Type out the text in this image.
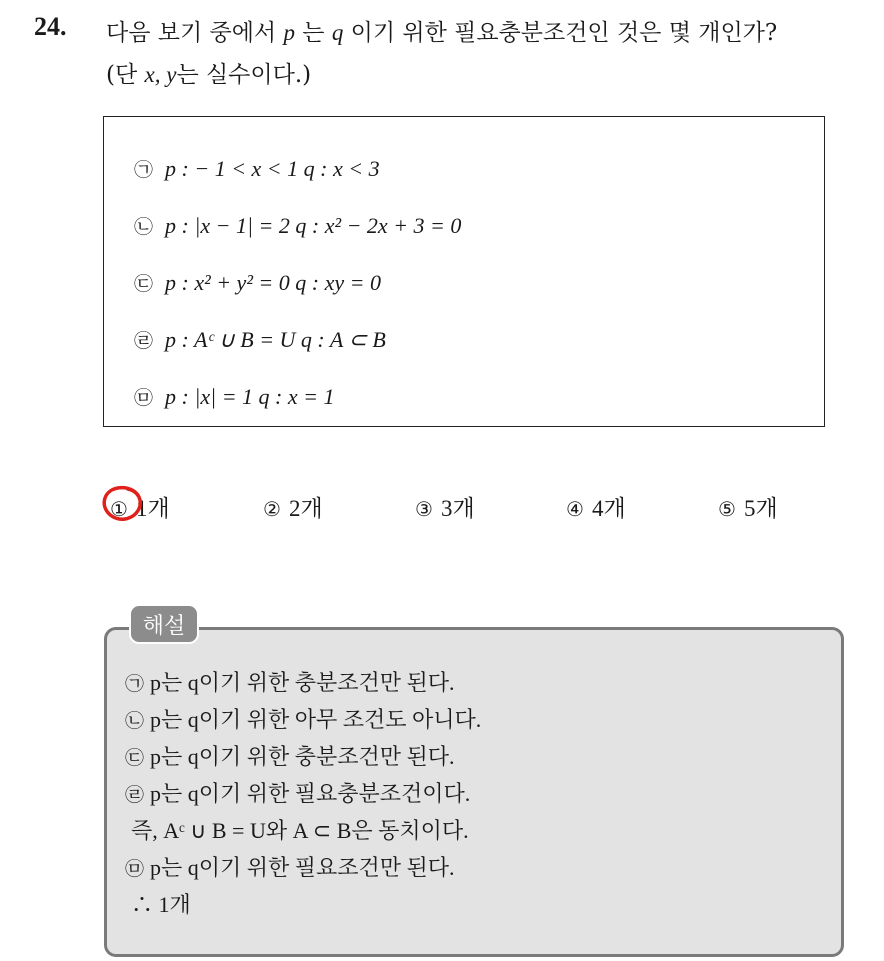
24. 다음 보기 중에서 p 는 q 이기 위한 필요충분조건인 것은 몇 개인가?
(단 x, y는 실수이다.)
㉠ p : − 1 < x < 1 q : x < 3
㉡ p : |x − 1| = 2 q : x² − 2x + 3 = 0
㉢ p : x² + y² = 0 q : xy = 0
㉣ p : Aᶜ ∪ B = U q : A ⊂ B
㉤ p : |x| = 1 q : x = 1
① 1개	② 2개	③ 3개	④ 4개	⑤ 5개
㉠ p는 q이기 위한 충분조건만 된다.
㉡ p는 q이기 위한 아무 조건도 아니다.
㉢ p는 q이기 위한 충분조건만 된다.
㉣ p는 q이기 위한 필요충분조건이다.
즉, Aᶜ ∪ B = U와 A ⊂ B은 동치이다.
㉤ p는 q이기 위한 필요조건만 된다.
∴ 1개
해설
